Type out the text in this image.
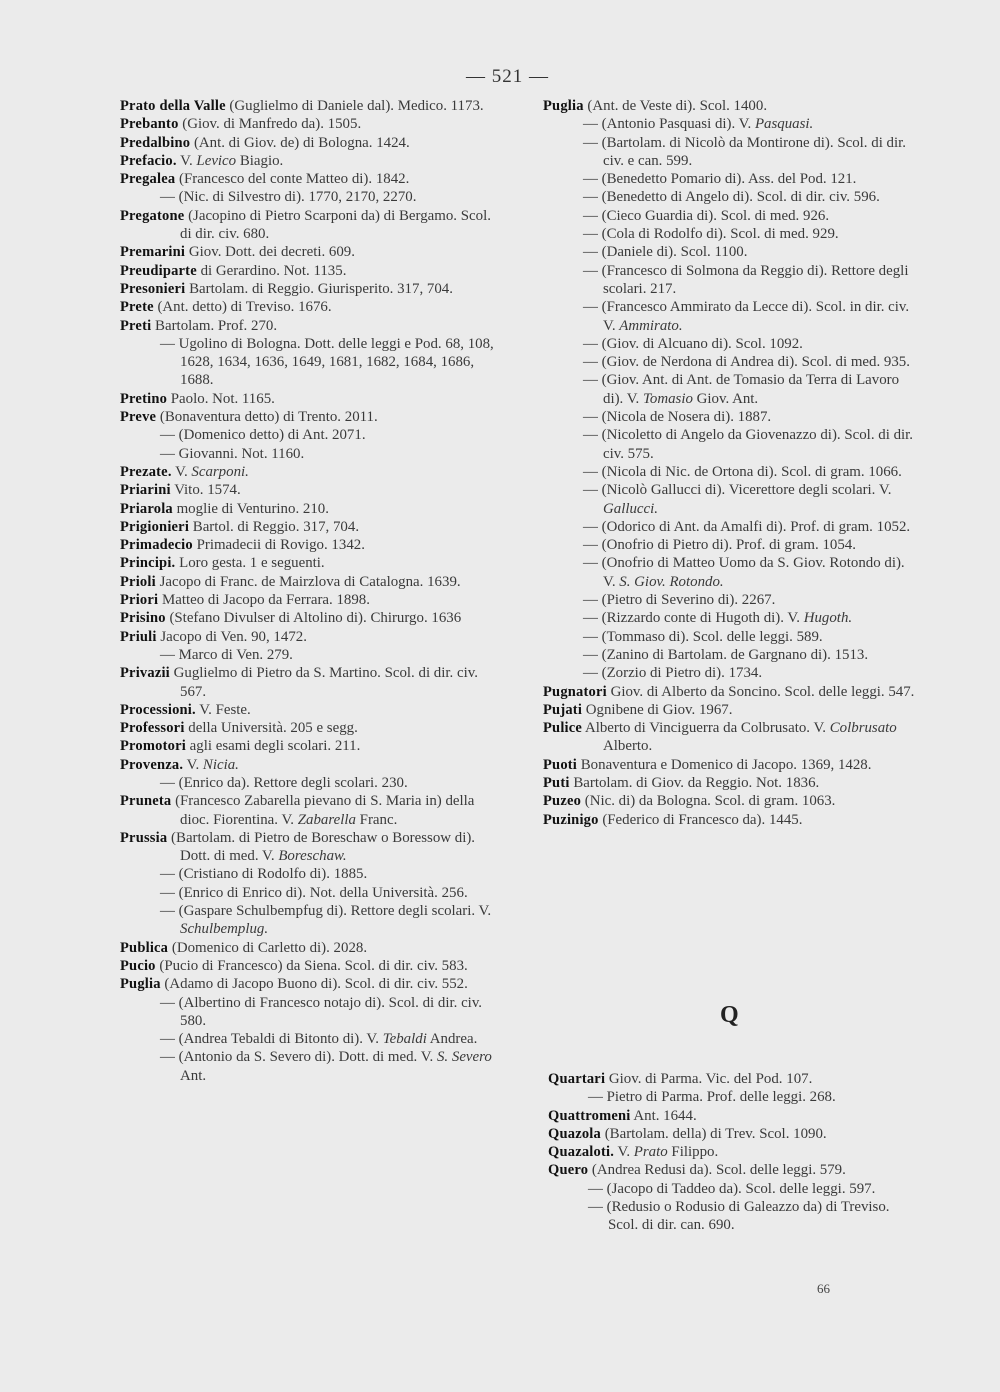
— 521 —
Prato della Valle (Guglielmo di Daniele dal). Medico. 1173.
Prebanto (Giov. di Manfredo da). 1505.
Predalbino (Ant. di Giov. de) di Bologna. 1424.
Prefacio. V. Levico Biagio.
Pregalea (Francesco del conte Matteo di). 1842.
— (Nic. di Silvestro di). 1770, 2170, 2270.
Pregatone (Jacopino di Pietro Scarponi da) di Bergamo. Scol. di dir. civ. 680.
Premarini Giov. Dott. dei decreti. 609.
Preudiparte di Gerardino. Not. 1135.
Presonieri Bartolam. di Reggio. Giurisperito. 317, 704.
Prete (Ant. detto) di Treviso. 1676.
Preti Bartolam. Prof. 270.
— Ugolino di Bologna. Dott. delle leggi e Pod. 68, 108, 1628, 1634, 1636, 1649, 1681, 1682, 1684, 1686, 1688.
Pretino Paolo. Not. 1165.
Preve (Bonaventura detto) di Trento. 2011.
— (Domenico detto) di Ant. 2071.
— Giovanni. Not. 1160.
Prezate. V. Scarponi.
Priarini Vito. 1574.
Priarola moglie di Venturino. 210.
Prigionieri Bartol. di Reggio. 317, 704.
Primadecio Primadecii di Rovigo. 1342.
Principi. Loro gesta. 1 e seguenti.
Prioli Jacopo di Franc. de Mairzlova di Catalogna. 1639.
Priori Matteo di Jacopo da Ferrara. 1898.
Prisino (Stefano Divulser di Altolino di). Chirurgo. 1636
Priuli Jacopo di Ven. 90, 1472.
— Marco di Ven. 279.
Privazii Guglielmo di Pietro da S. Martino. Scol. di dir. civ. 567.
Processioni. V. Feste.
Professori della Università. 205 e segg.
Promotori agli esami degli scolari. 211.
Provenza. V. Nicia.
— (Enrico da). Rettore degli scolari. 230.
Pruneta (Francesco Zabarella pievano di S. Maria in) della dioc. Fiorentina. V. Zabarella Franc.
Prussia (Bartolam. di Pietro de Boreschaw o Boressow di). Dott. di med. V. Boreschaw.
— (Cristiano di Rodolfo di). 1885.
— (Enrico di Enrico di). Not. della Università. 256.
— (Gaspare Schulbempfug di). Rettore degli scolari. V. Schulbemplug.
Publica (Domenico di Carletto di). 2028.
Pucio (Pucio di Francesco) da Siena. Scol. di dir. civ. 583.
Puglia (Adamo di Jacopo Buono di). Scol. di dir. civ. 552.
— (Albertino di Francesco notajo di). Scol. di dir. civ. 580.
— (Andrea Tebaldi di Bitonto di). V. Tebaldi Andrea.
— (Antonio da S. Severo di). Dott. di med. V. S. Severo Ant.
Puglia (Ant. de Veste di). Scol. 1400.
— (Antonio Pasquasi di). V. Pasquasi.
— (Bartolam. di Nicolò da Montirone di). Scol. di dir. civ. e can. 599.
— (Benedetto Pomario di). Ass. del Pod. 121.
— (Benedetto di Angelo di). Scol. di dir. civ. 596.
— (Cieco Guardia di). Scol. di med. 926.
— (Cola di Rodolfo di). Scol. di med. 929.
— (Daniele di). Scol. 1100.
— (Francesco di Solmona da Reggio di). Rettore degli scolari. 217.
— (Francesco Ammirato da Lecce di). Scol. in dir. civ. V. Ammirato.
— (Giov. di Alcuano di). Scol. 1092.
— (Giov. de Nerdona di Andrea di). Scol. di med. 935.
— (Giov. Ant. di Ant. de Tomasio da Terra di Lavoro di). V. Tomasio Giov. Ant.
— (Nicola de Nosera di). 1887.
— (Nicoletto di Angelo da Giovenazzo di). Scol. di dir. civ. 575.
— (Nicola di Nic. de Ortona di). Scol. di gram. 1066.
— (Nicolò Gallucci di). Vicerettore degli scolari. V. Gallucci.
— (Odorico di Ant. da Amalfi di). Prof. di gram. 1052.
— (Onofrio di Pietro di). Prof. di gram. 1054.
— (Onofrio di Matteo Uomo da S. Giov. Rotondo di). V. S. Giov. Rotondo.
— (Pietro di Severino di). 2267.
— (Rizzardo conte di Hugoth di). V. Hugoth.
— (Tommaso di). Scol. delle leggi. 589.
— (Zanino di Bartolam. de Gargnano di). 1513.
— (Zorzio di Pietro di). 1734.
Pugnatori Giov. di Alberto da Soncino. Scol. delle leggi. 547.
Pujati Ognibene di Giov. 1967.
Pulice Alberto di Vinciguerra da Colbrusato. V. Colbrusato Alberto.
Puoti Bonaventura e Domenico di Jacopo. 1369, 1428.
Puti Bartolam. di Giov. da Reggio. Not. 1836.
Puzeo (Nic. di) da Bologna. Scol. di gram. 1063.
Puzinigo (Federico di Francesco da). 1445.
Q
Quartari Giov. di Parma. Vic. del Pod. 107.
— Pietro di Parma. Prof. delle leggi. 268.
Quattromeni Ant. 1644.
Quazola (Bartolam. della) di Trev. Scol. 1090.
Quazaloti. V. Prato Filippo.
Quero (Andrea Redusi da). Scol. delle leggi. 579.
— (Jacopo di Taddeo da). Scol. delle leggi. 597.
— (Redusio o Rodusio di Galeazzo da) di Treviso. Scol. di dir. can. 690.
66
